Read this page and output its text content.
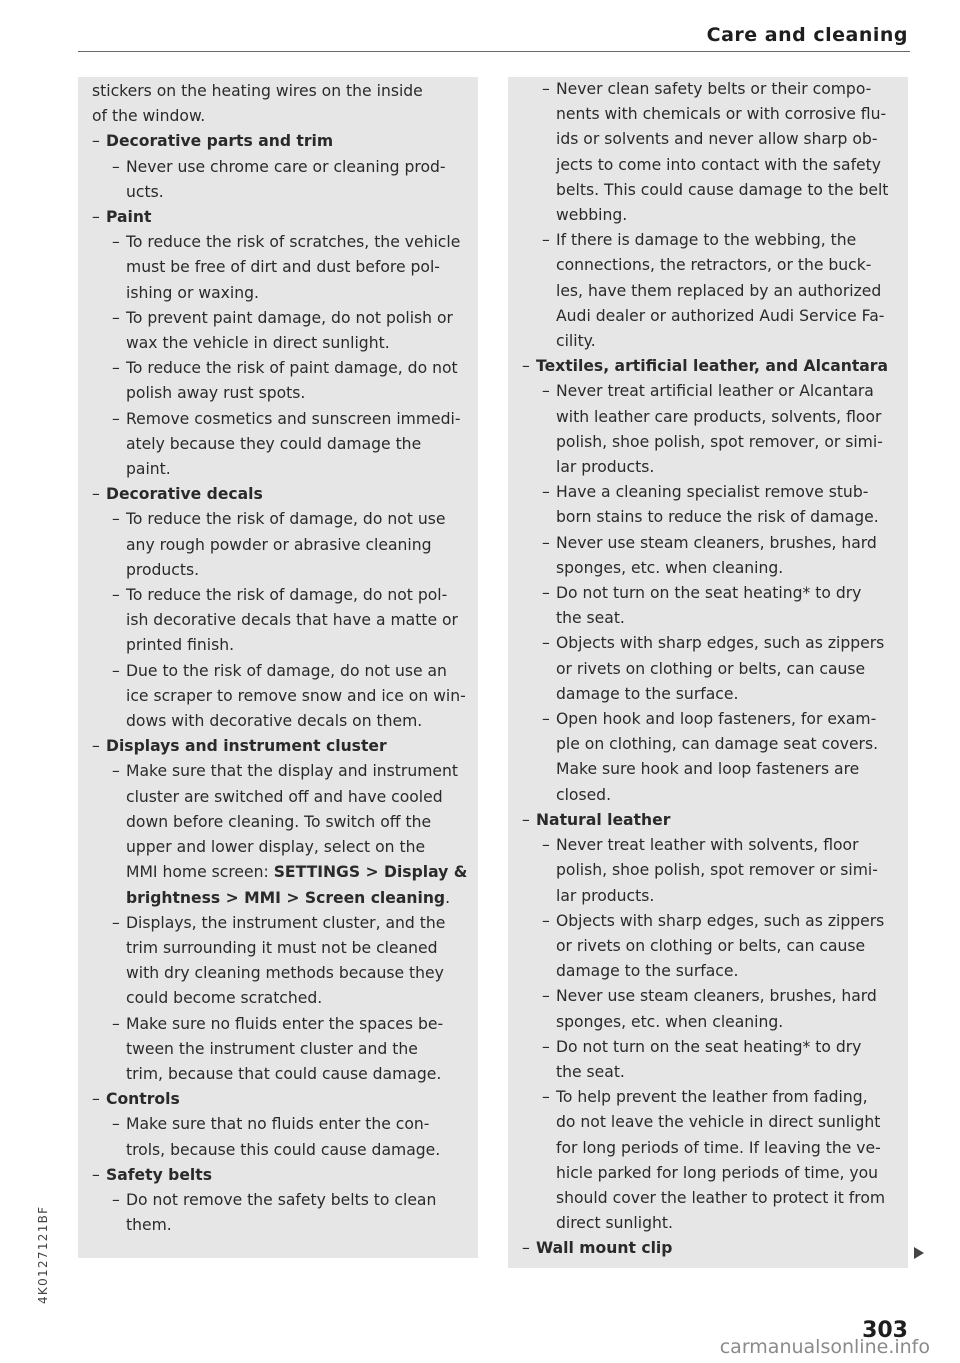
Care and cleaning
stickers on the heating wires on the inside
of the window.
– Decorative parts and trim
– Never use chrome care or cleaning prod-
ucts.
– Paint
– To reduce the risk of scratches, the vehicle
must be free of dirt and dust before pol-
ishing or waxing.
– To prevent paint damage, do not polish or
wax the vehicle in direct sunlight.
– To reduce the risk of paint damage, do not
polish away rust spots.
– Remove cosmetics and sunscreen immedi-
ately because they could damage the
paint.
– Decorative decals
– To reduce the risk of damage, do not use
any rough powder or abrasive cleaning
products.
– To reduce the risk of damage, do not pol-
ish decorative decals that have a matte or
printed finish.
– Due to the risk of damage, do not use an
ice scraper to remove snow and ice on win-
dows with decorative decals on them.
– Displays and instrument cluster
– Make sure that the display and instrument
cluster are switched off and have cooled
down before cleaning. To switch off the
upper and lower display, select on the
MMI home screen: SETTINGS > Display &
brightness > MMI > Screen cleaning.
– Displays, the instrument cluster, and the
trim surrounding it must not be cleaned
with dry cleaning methods because they
could become scratched.
– Make sure no fluids enter the spaces be-
tween the instrument cluster and the
trim, because that could cause damage.
– Controls
– Make sure that no fluids enter the con-
trols, because this could cause damage.
– Safety belts
– Do not remove the safety belts to clean
them.
– Never clean safety belts or their compo-
nents with chemicals or with corrosive flu-
ids or solvents and never allow sharp ob-
jects to come into contact with the safety
belts. This could cause damage to the belt
webbing.
– If there is damage to the webbing, the
connections, the retractors, or the buck-
les, have them replaced by an authorized
Audi dealer or authorized Audi Service Fa-
cility.
– Textiles, artificial leather, and Alcantara
– Never treat artificial leather or Alcantara
with leather care products, solvents, floor
polish, shoe polish, spot remover, or simi-
lar products.
– Have a cleaning specialist remove stub-
born stains to reduce the risk of damage.
– Never use steam cleaners, brushes, hard
sponges, etc. when cleaning.
– Do not turn on the seat heating* to dry
the seat.
– Objects with sharp edges, such as zippers
or rivets on clothing or belts, can cause
damage to the surface.
– Open hook and loop fasteners, for exam-
ple on clothing, can damage seat covers.
Make sure hook and loop fasteners are
closed.
– Natural leather
– Never treat leather with solvents, floor
polish, shoe polish, spot remover or simi-
lar products.
– Objects with sharp edges, such as zippers
or rivets on clothing or belts, can cause
damage to the surface.
– Never use steam cleaners, brushes, hard
sponges, etc. when cleaning.
– Do not turn on the seat heating* to dry
the seat.
– To help prevent the leather from fading,
do not leave the vehicle in direct sunlight
for long periods of time. If leaving the ve-
hicle parked for long periods of time, you
should cover the leather to protect it from
direct sunlight.
– Wall mount clip
4K0127121BF
303
carmanualsonline.info
